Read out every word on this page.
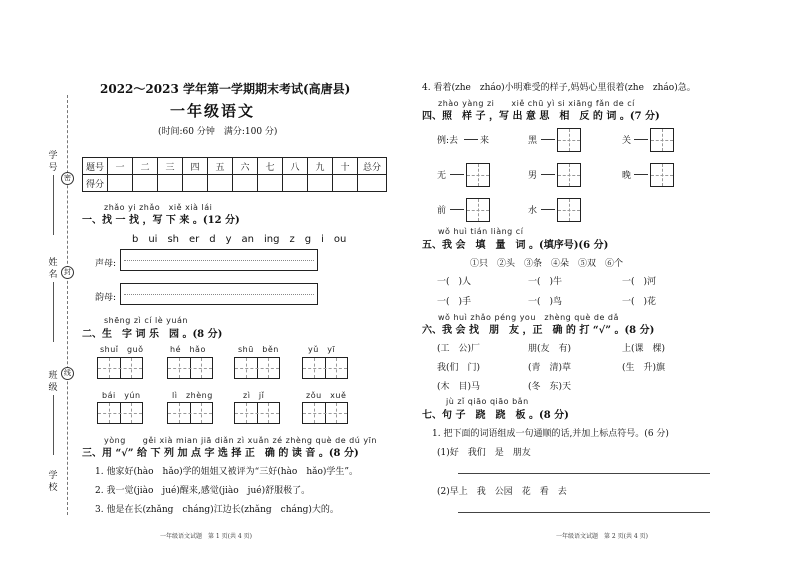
学号
密
姓名 封
班级
线
学校
2022～2023 学年第一学期期末考试(高唐县)
一年级语文
(时间:60 分钟　满分:100 分)
题号	一	二	三	四	五	六	七	八	九	十	总分
得分											
zhǎo yi zhǎo　xiě xià lái
一、找 一 找 ，写 下 来 。(12 分)
b　ui　sh　er　d　y　an　ing　z　g　i　ou
声母:
韵母:
shēng zì cí lè yuán
二、生　字 词 乐　园 。(8 分)
shuǐ　guǒ	hé　hǎo	shū　běn	yǔ　yī
bái　yún	lì　zhèng	zì　jǐ	zǒu　xuě
yòng　　gěi xià mian jiā diǎn zì xuǎn zé zhèng què de dú yīn
三、用 “√” 给 下 列 加 点 字 选 择 正　确 的 读 音 。(8 分)
1. 他家好(hào　hǎo)学的姐姐又被评为“三好(hào　hǎo)学生”。
2. 我一觉(jiào　jué)醒来,感觉(jiào　jué)舒服极了。
3. 他是在长(zhǎng　cháng)江边长(zhǎng　cháng)大的。
一年级语文试题　第 1 页(共 4 页)
4. 看着(zhe　zháo)小明难受的样子,妈妈心里很着(zhe　zháo)急。
zhào yàng zi　　xiě chū yì si xiāng fǎn de cí
四、照　样 子 ，写 出 意 思　相　反 的 词 。(7 分)
例:去 来	黑	关
无	男	晚
前	水
wǒ huì tián liàng cí
五、我 会　填　量　词 。(填序号)(6 分)
①只　②头　③条　④朵　⑤双　⑥个
一(　)人	一(　)牛	一(　)河
一(　)手	一(　)鸟	一(　)花
wǒ huì zhǎo péng you　zhèng què de dǎ
六、我 会 找　朋　友 ，正　确 的 打 “√” 。(8 分)
(工　公)厂	朋(友　有)	上(课　棵)
我(们　门)	(青　清)草	(生　升)旗
(木　目)马	(冬　东)天
jù zǐ qiāo qiāo bǎn
七、句 子　跷　跷　板 。(8 分)
1. 把下面的词语组成一句通顺的话,并加上标点符号。(6 分)
(1)好　我们　是　朋友
(2)早上　我　公园　花　看　去
一年级语文试题　第 2 页(共 4 页)
